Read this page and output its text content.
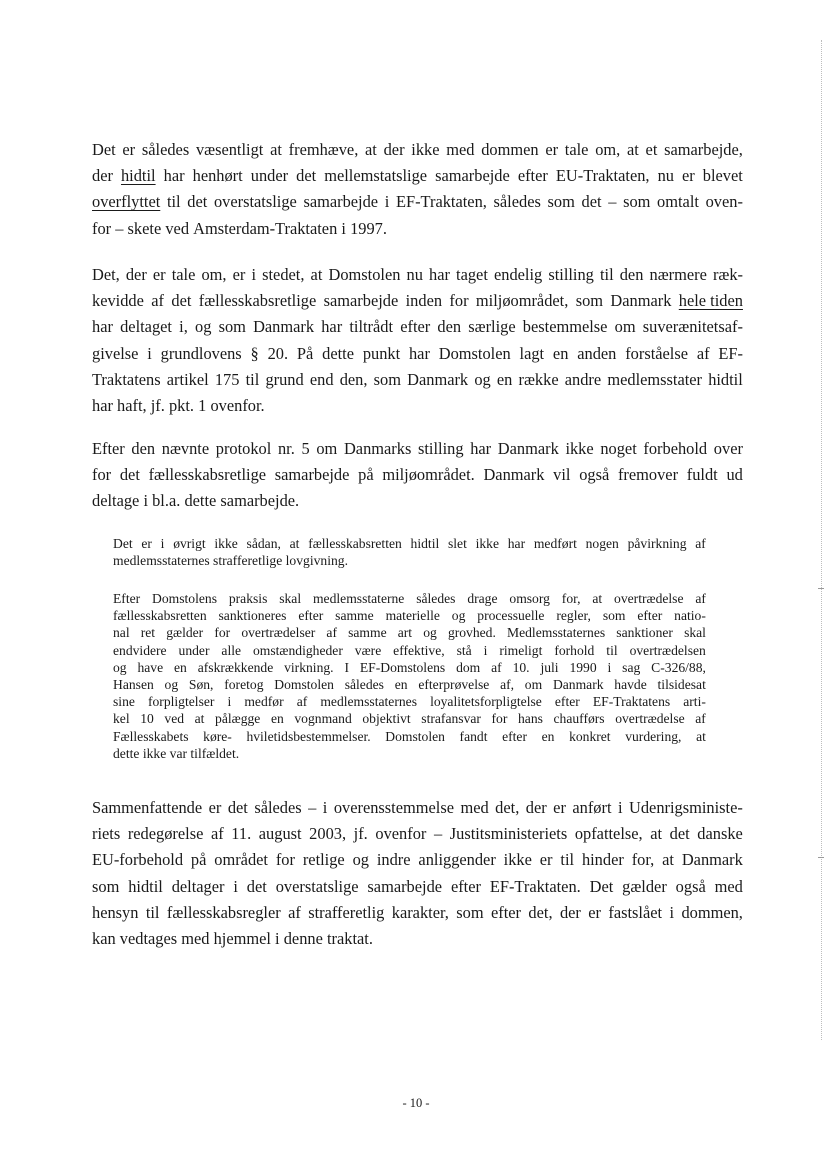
Det er således væsentligt at fremhæve, at der ikke med dommen er tale om, at et samarbejde,
der hidtil har henhørt under det mellemstatslige samarbejde efter EU-Traktaten, nu er blevet
overflyttet til det overstatslige samarbejde i EF-Traktaten, således som det – som omtalt oven-
for
–
skete
ved
Amsterdam-Traktaten
i
1997.
Det, der er tale om, er i stedet, at Domstolen nu har taget endelig stilling til den nærmere ræk-
kevidde af det fællesskabsretlige samarbejde inden for miljøområdet, som Danmark hele tiden
har deltaget i, og som Danmark har tiltrådt efter den særlige bestemmelse om suverænitetsaf-
givelse i grundlovens § 20. På dette punkt har Domstolen lagt en anden forståelse af EF-
Traktatens artikel 175 til grund end den, som Danmark og en række andre medlemsstater hidtil
har
haft,
jf.
pkt.
1
ovenfor.
Efter den nævnte protokol nr. 5 om Danmarks stilling har Danmark ikke noget forbehold over
for det fællesskabsretlige samarbejde på miljøområdet. Danmark vil også fremover fuldt ud
deltage
i
bl.a.
dette
samarbejde.
Det er i øvrigt ikke sådan, at fællesskabsretten hidtil slet ikke har medført nogen påvirkning af
medlemsstaternes
strafferetlige
lovgivning.
Efter Domstolens praksis skal medlemsstaterne således drage omsorg for, at overtrædelse af
fællesskabsretten sanktioneres efter samme materielle og processuelle regler, som efter natio-
nal ret gælder for overtrædelser af samme art og grovhed. Medlemsstaternes sanktioner skal
endvidere under alle omstændigheder være effektive, stå i rimeligt forhold til overtrædelsen
og have en afskrækkende virkning. I EF-Domstolens dom af 10. juli 1990 i sag C-326/88,
Hansen og Søn, foretog Domstolen således en efterprøvelse af, om Danmark havde tilsidesat
sine forpligtelser i medfør af medlemsstaternes loyalitetsforpligtelse efter EF-Traktatens arti-
kel 10 ved at pålægge en vognmand objektivt strafansvar for hans chaufførs overtrædelse af
Fællesskabets køre- hviletidsbestemmelser. Domstolen fandt efter en konkret vurdering, at
dette
ikke
var
tilfældet.
Sammenfattende er det således – i overensstemmelse med det, der er anført i Udenrigsministe-
riets redegørelse af 11. august 2003, jf. ovenfor – Justitsministeriets opfattelse, at det danske
EU-forbehold på området for retlige og indre anliggender ikke er til hinder for, at Danmark
som hidtil deltager i det overstatslige samarbejde efter EF-Traktaten. Det gælder også med
hensyn til fællesskabsregler af strafferetlig karakter, som efter det, der er fastslået i dommen,
kan
vedtages
med
hjemmel
i
denne
traktat.
- 10 -
